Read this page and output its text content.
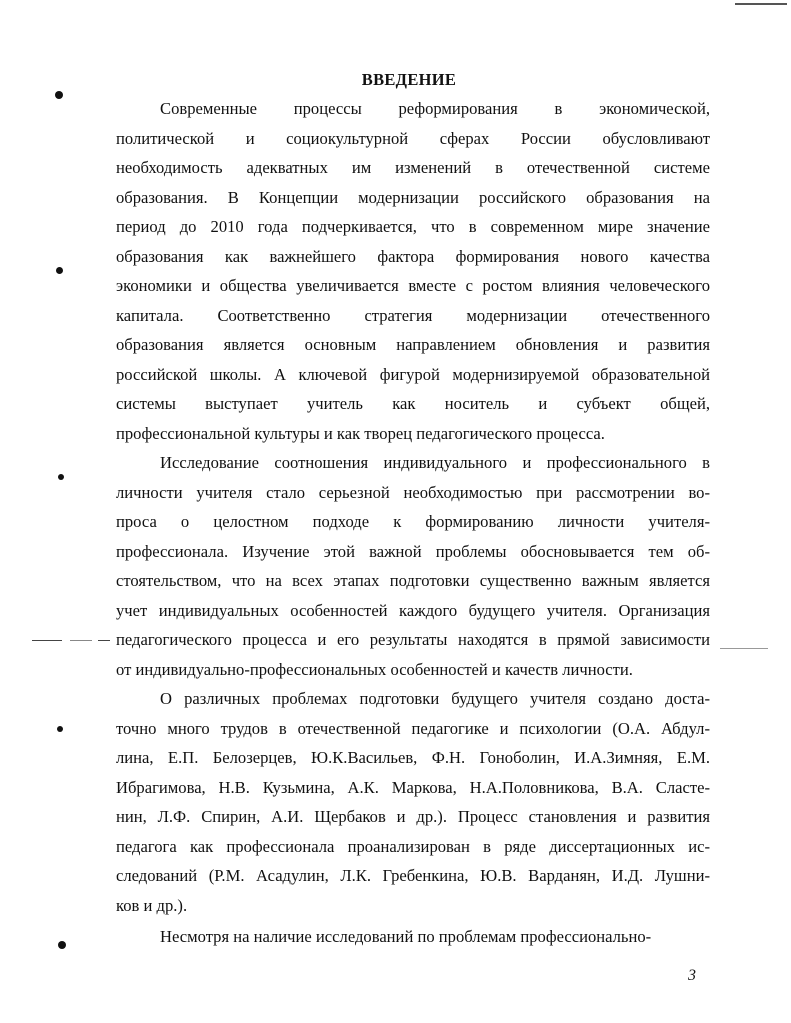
ВВЕДЕНИЕ
Современные процессы реформирования в экономической,
политической и социокультурной сферах России обусловливают
необходимость адекватных им изменений в отечественной системе
образования. В Концепции модернизации российского образования на
период до 2010 года подчеркивается, что в современном мире значение
образования как важнейшего фактора формирования нового качества
экономики и общества увеличивается вместе с ростом влияния человеческого
капитала. Соответственно стратегия модернизации отечественного
образования является основным направлением обновления и развития
российской школы. А ключевой фигурой модернизируемой образовательной
системы выступает учитель как носитель и субъект общей,
профессиональной культуры и как творец педагогического процесса.
Исследование соотношения индивидуального и профессионального в
личности учителя стало серьезной необходимостью при рассмотрении во-
проса о целостном подходе к формированию личности учителя-
профессионала. Изучение этой важной проблемы обосновывается тем об-
стоятельством, что на всех этапах подготовки существенно важным является
учет индивидуальных особенностей каждого будущего учителя. Организация
педагогического процесса и его результаты находятся в прямой зависимости
от индивидуально-профессиональных особенностей и качеств личности.
О различных проблемах подготовки будущего учителя создано доста-
точно много трудов в отечественной педагогике и психологии (О.А. Абдул-
лина, Е.П. Белозерцев, Ю.К.Васильев, Ф.Н. Гоноболин, И.А.Зимняя, Е.М.
Ибрагимова, Н.В. Кузьмина, А.К. Маркова, Н.А.Половникова, В.А. Сласте-
нин, Л.Ф. Спирин, А.И. Щербаков и др.). Процесс становления и развития
педагога как профессионала проанализирован в ряде диссертационных ис-
следований (Р.М. Асадулин, Л.К. Гребенкина, Ю.В. Варданян, И.Д. Лушни-
ков и др.).
Несмотря на наличие исследований по проблемам профессионально-
3
